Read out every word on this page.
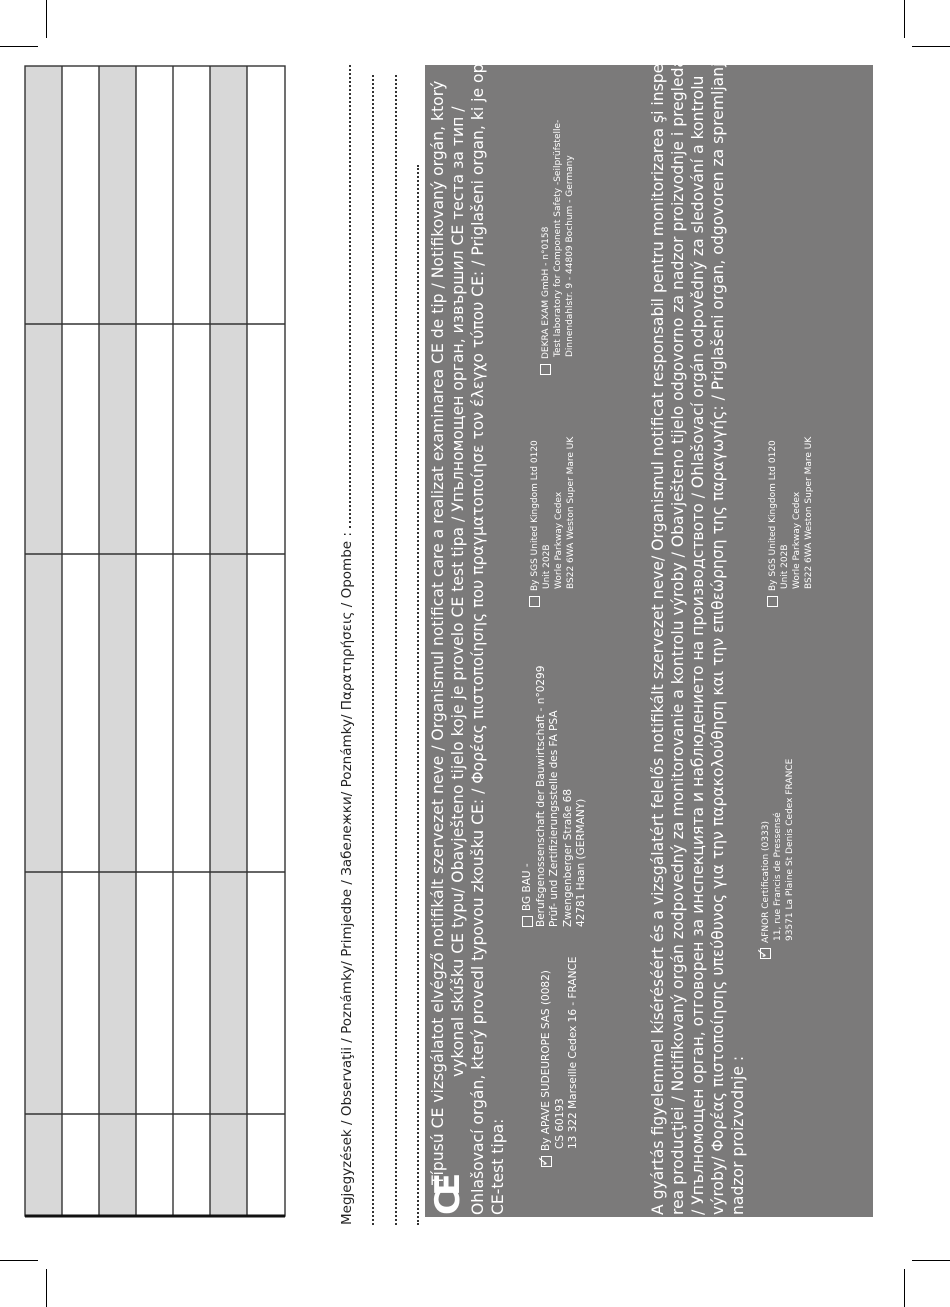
Megjegyzések / Observaţii / Poznámky/ Primjedbe / Забележки/ Poznámky/ Παρατηρήσεις / Opombe : CE
Típusú CE vizsgálatot elvégző notifikált szervezet neve / Organismul notificat care a realizat examinarea CE de tip / Notifikovaný orgán, ktorý vykonal skúšku CE typu/ Obavješteno tijelo koje je provelo CE test tipa / Упълномощен орган, извършил CE теста за тип / Ohlašovací orgán, který provedl typovou zkoušku CE: / Φορέας πιστοποίησης που πραγματοποίησε τον έλεγχο τύπου CE: / Priglašeni organ, ki je opravil CE-test tipa: ✓
By APAVE SUDEUROPE SAS (0082) CS 60193 13 322 Marseille Cedex 16 - FRANCE
BG BAU - Berufsgenossenschaft der Bauwirtschaft - n°0299 Prüf- und Zertifizierungsstelle des FA PSA Zwengenberger Straße 68 42781 Haan (GERMANY)
By SGS United Kingdom Ltd 0120 Unit 202B Worle Parkway Cedex BS22 6WA Weston Super Mare UK
DEKRA EXAM GmbH - n°0158 Test laboratory for Component Safety -Seilprüfstelle- Dinnendahlstr. 9 - 44809 Bochum - Germany	A gyártás figyelemmel kíséréséért és a vizsgálatért felelős notifikált szervezet neve/ Organismul notificat responsabil pentru monitorizarea şi inspecta- rea producţiei / Notifikovaný orgán zodpovedný za monitorovanie a kontrolu výroby / Obavješteno tijelo odgovorno za nadzor proizvodnje i pregleda / Упълномощен орган, отговорен за инспекцията и наблюдението на производството / Ohlašovací orgán odpovědný za sledování a kontrolu výroby/ Φορέας πιστοποίησης υπεύθυνος για την παρακολούθηση και την επιθεώρηση της παραγωγής: / Priglašeni organ, odgovoren za spremljanje in nadzor proizvodnje :
✓
AFNOR Certification (0333) 11, rue Francis de Pressensé 93571 La Plaine St Denis Cedex FRANCE
By SGS United Kingdom Ltd 0120 Unit 202B Worle Parkway Cedex BS22 6WA Weston Super Mare UK
